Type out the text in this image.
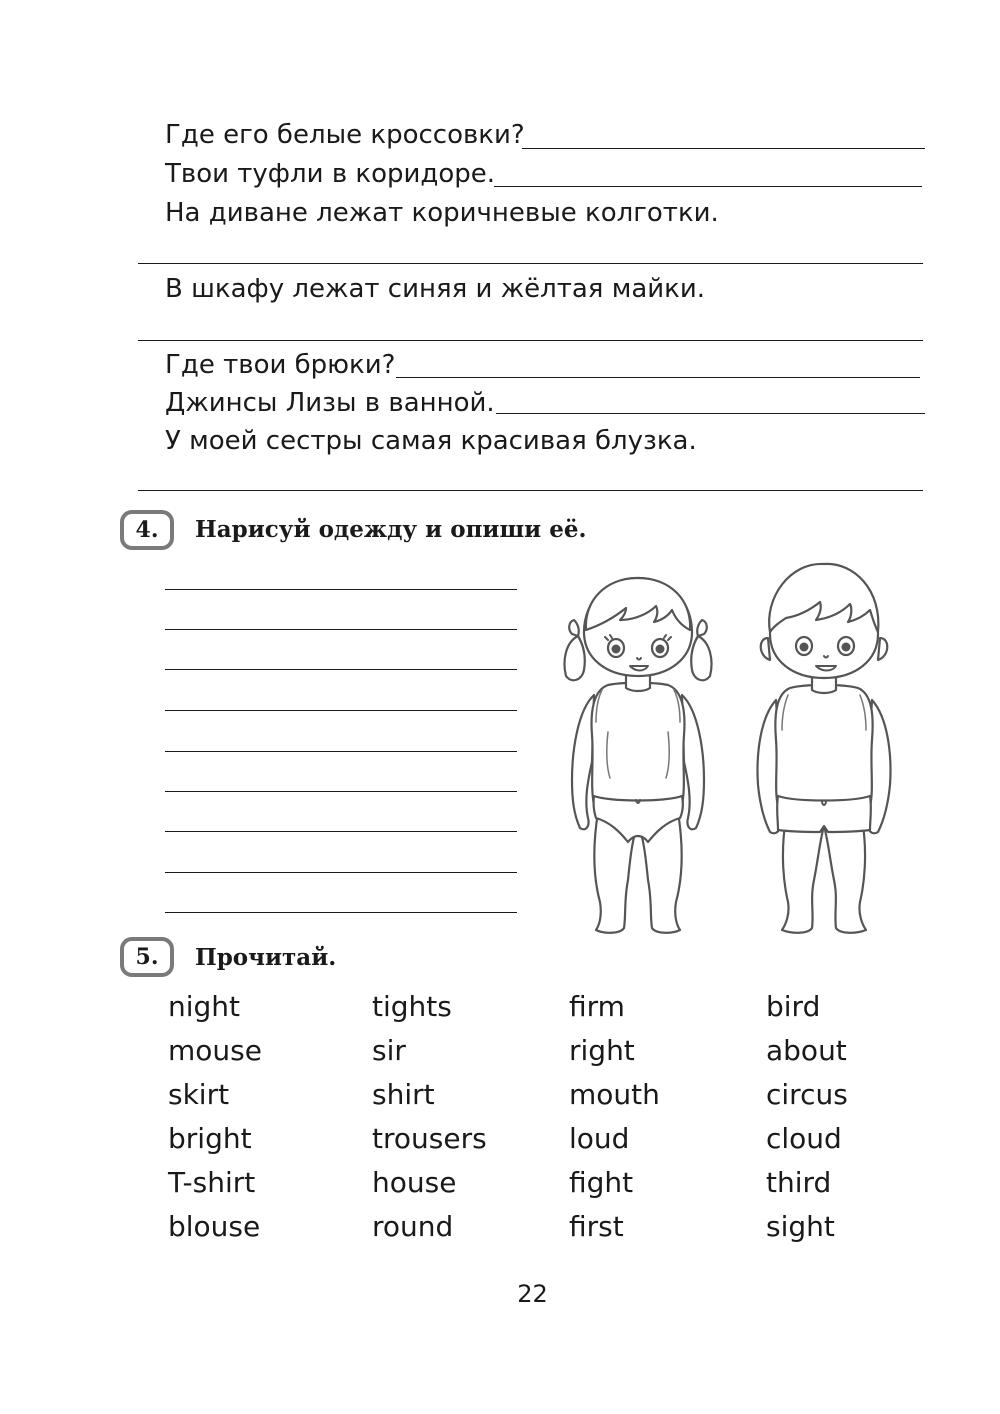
Где его белые кроссовки?
Твои туфли в коридоре.
На диване лежат коричневые колготки.
В шкафу лежат синяя и жёлтая майки.
Где твои брюки?
Джинсы Лизы в ванной.
У моей сестры самая красивая блузка.
4. Нарисуй одежду и опиши её.
5. Прочитай.
night
mouse
skirt
bright
T-shirt
blouse
tights
sir
shirt
trousers
house
round
firm
right
mouth
loud
fight
first
bird
about
circus
cloud
third
sight
22
